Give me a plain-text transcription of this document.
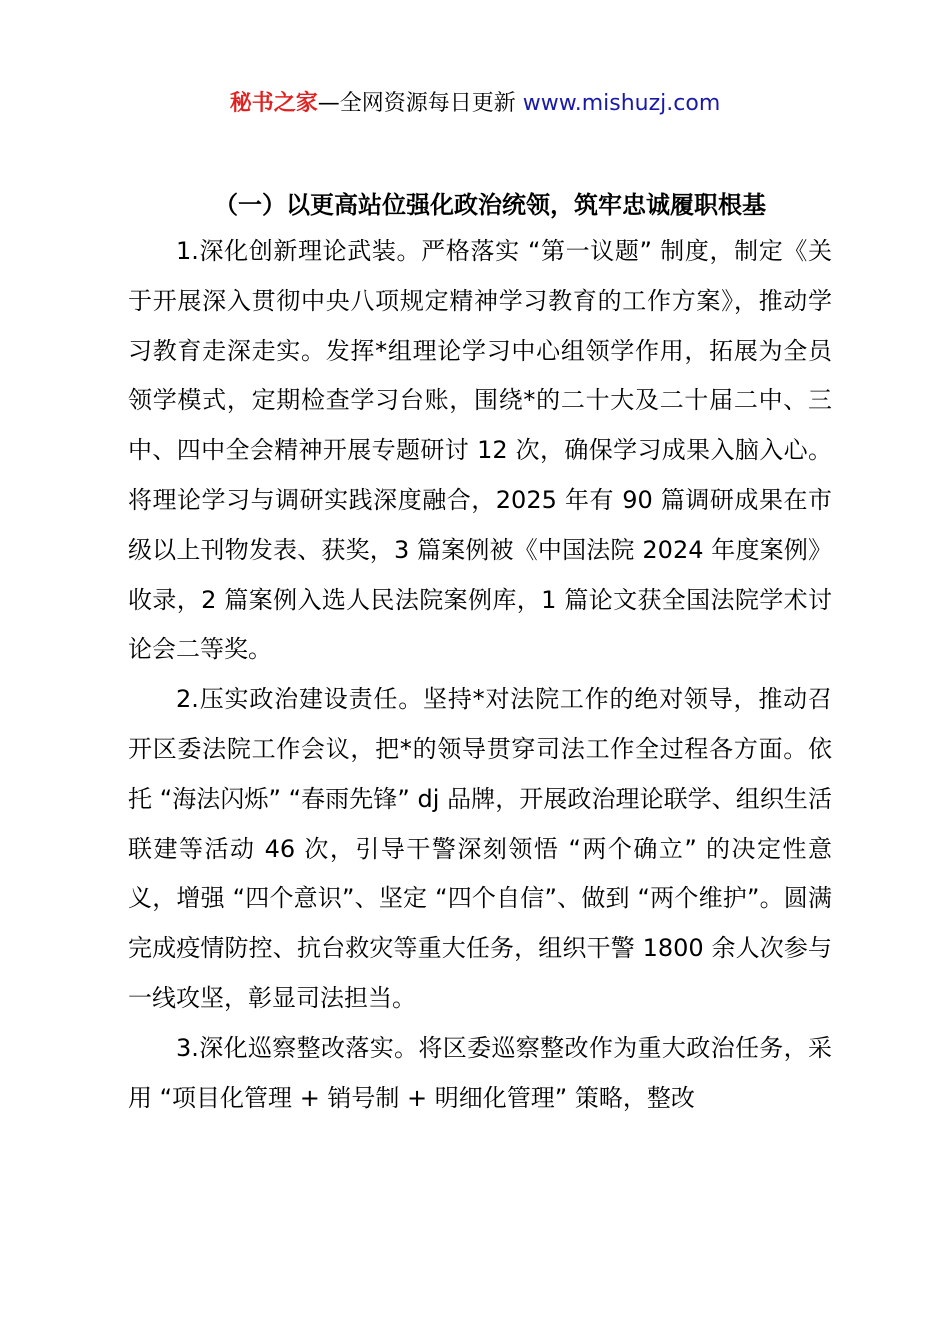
秘书之家—全网资源每日更新 www.mishuzj.com

（一）以更高站位强化政治统领，筑牢忠诚履职根基

1.深化创新理论武装。严格落实 “第一议题” 制度，制定《关于开展深入贯彻中央八项规定精神学习教育的工作方案》，推动学习教育走深走实。发挥*组理论学习中心组领学作用，拓展为全员领学模式，定期检查学习台账，围绕*的二十大及二十届二中、三中、四中全会精神开展专题研讨 12 次，确保学习成果入脑入心。将理论学习与调研实践深度融合，2025 年有 90 篇调研成果在市级以上刊物发表、获奖，3 篇案例被《中国法院 2024 年度案例》收录，2 篇案例入选人民法院案例库，1 篇论文获全国法院学术讨论会二等奖。

2.压实政治建设责任。坚持*对法院工作的绝对领导，推动召开区委法院工作会议，把*的领导贯穿司法工作全过程各方面。依托 “海法闪烁” “春雨先锋” dj 品牌，开展政治理论联学、组织生活联建等活动 46 次，引导干警深刻领悟 “两个确立” 的决定性意义，增强 “四个意识”、坚定 “四个自信”、做到 “两个维护”。圆满完成疫情防控、抗台救灾等重大任务，组织干警 1800 余人次参与一线攻坚，彰显司法担当。

3.深化巡察整改落实。将区委巡察整改作为重大政治任务，采用 “项目化管理 + 销号制 + 明细化管理” 策略，整改
